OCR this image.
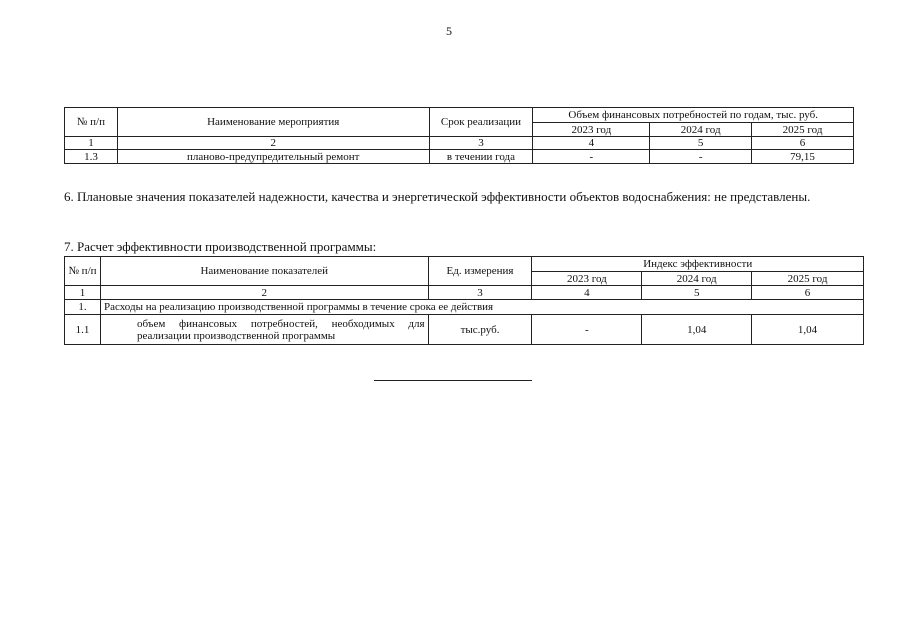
5
№ п/п	Наименование мероприятия	Срок реализации	Объем финансовых потребностей по годам, тыс. руб.		
			2023 год	2024 год	2025 год
1	2	3	4	5	6
1.3	планово-предупредительный ремонт	в течении года	-	-	79,15
6. Плановые значения показателей надежности, качества и энергетической эффективности объектов водоснабжения: не представлены.
7. Расчет эффективности производственной программы:
№ п/п	Наименование показателей	Ед. измерения	Индекс эффективности		
			2023 год	2024 год	2025 год
1	2	3	4	5	6
1.	Расходы на реализацию производственной программы в течение срока ее действия				
1.1	объем финансовых потребностей, необходимых для реализации производственной программы	тыс.руб.	-	1,04	1,04
